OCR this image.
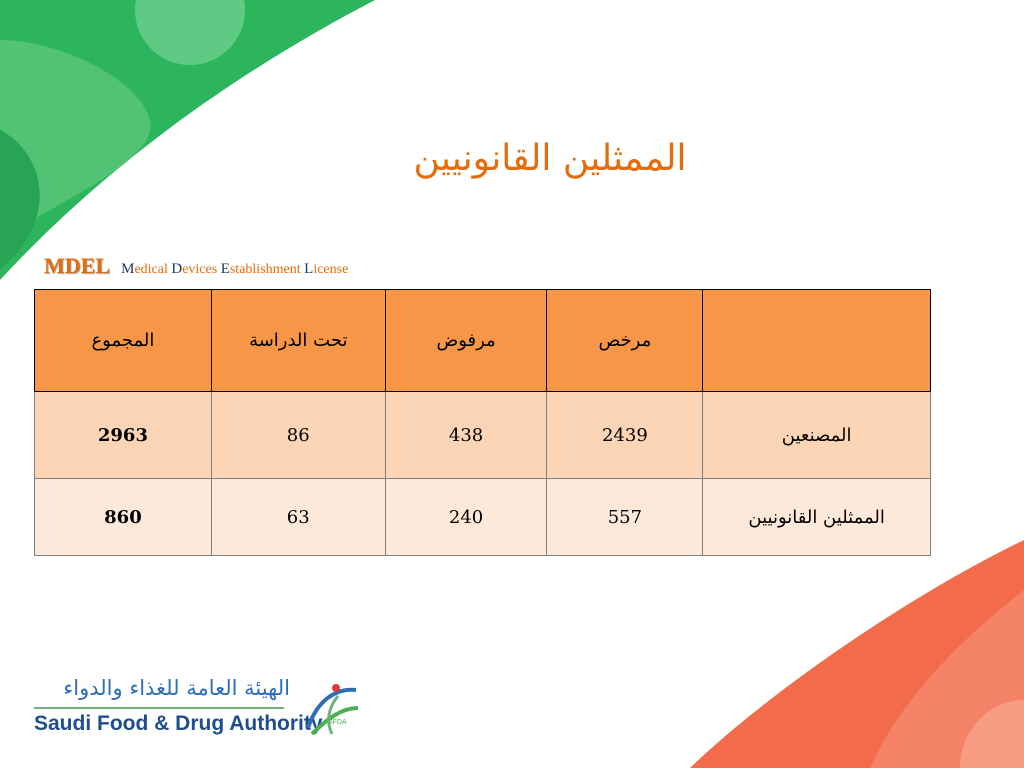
الممثلين القانونيين
MDEL Medical Devices Establishment License
	مرخص	مرفوض	تحت الدراسة	المجموع
المصنعين	2439	438	86	2963
الممثلين القانونيين	557	240	63	860
الهيئة العامة للغذاء والدواء
Saudi Food & Drug Authority SFDA
